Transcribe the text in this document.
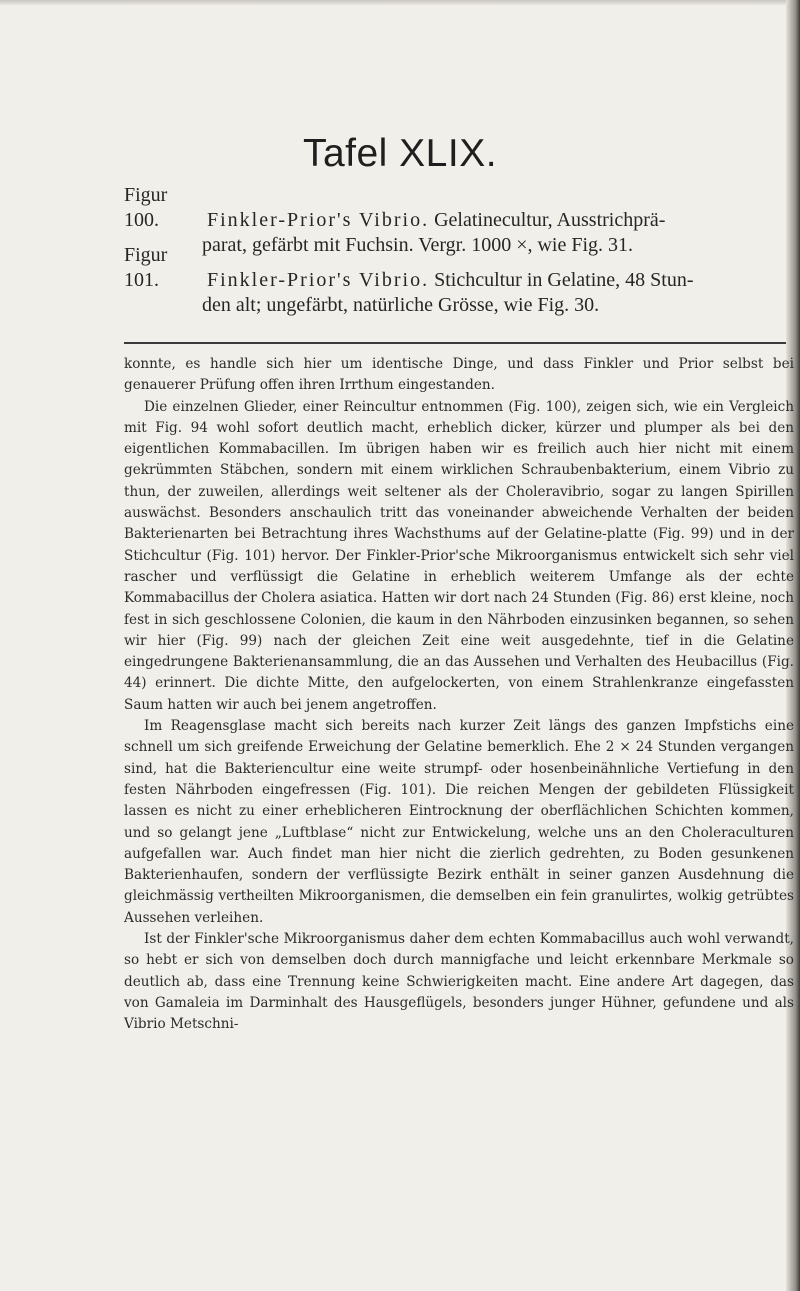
Tafel XLIX.
Figur 100. Finkler-Prior's Vibrio. Gelatinecultur, Ausstrichprä-
parat, gefärbt mit Fuchsin. Vergr. 1000 ×, wie Fig. 31.
Figur 101. Finkler-Prior's Vibrio. Stichcultur in Gelatine, 48 Stun-
den alt; ungefärbt, natürliche Grösse, wie Fig. 30.

konnte, es handle sich hier um identische Dinge, und dass Finkler und Prior selbst bei genauerer Prüfung offen ihren Irrthum eingestanden.

Die einzelnen Glieder, einer Reincultur entnommen (Fig. 100), zeigen sich, wie ein Vergleich mit Fig. 94 wohl sofort deutlich macht, erheblich dicker, kürzer und plumper als bei den eigentlichen Kommabacillen. Im übrigen haben wir es freilich auch hier nicht mit einem gekrümmten Stäbchen, sondern mit einem wirklichen Schraubenbakterium, einem Vibrio zu thun, der zuweilen, allerdings weit seltener als der Choleravibrio, sogar zu langen Spirillen auswächst. Besonders anschaulich tritt das voneinander abweichende Verhalten der beiden Bakterienarten bei Betrachtung ihres Wachsthums auf der Gelatine-platte (Fig. 99) und in der Stichcultur (Fig. 101) hervor. Der Finkler-Prior'sche Mikroorganismus entwickelt sich sehr viel rascher und verflüssigt die Gelatine in erheblich weiterem Umfange als der echte Kommabacillus der Cholera asiatica. Hatten wir dort nach 24 Stunden (Fig. 86) erst kleine, noch fest in sich geschlossene Colonien, die kaum in den Nährboden einzusinken begannen, so sehen wir hier (Fig. 99) nach der gleichen Zeit eine weit ausgedehnte, tief in die Gelatine eingedrungene Bakterienansammlung, die an das Aussehen und Verhalten des Heubacillus (Fig. 44) erinnert. Die dichte Mitte, den aufgelockerten, von einem Strahlenkranze eingefassten Saum hatten wir auch bei jenem angetroffen.

Im Reagensglase macht sich bereits nach kurzer Zeit längs des ganzen Impfstichs eine schnell um sich greifende Erweichung der Gelatine bemerklich. Ehe 2 × 24 Stunden vergangen sind, hat die Bakteriencultur eine weite strumpf- oder hosenbeinähnliche Vertiefung in den festen Nährboden eingefressen (Fig. 101). Die reichen Mengen der gebildeten Flüssigkeit lassen es nicht zu einer erheblicheren Eintrocknung der oberflächlichen Schichten kommen, und so gelangt jene „Luftblase“ nicht zur Entwickelung, welche uns an den Choleraculturen aufgefallen war. Auch findet man hier nicht die zierlich gedrehten, zu Boden gesunkenen Bakterienhaufen, sondern der verflüssigte Bezirk enthält in seiner ganzen Ausdehnung die gleichmässig vertheilten Mikroorganismen, die demselben ein fein granulirtes, wolkig getrübtes Aussehen verleihen.

Ist der Finkler'sche Mikroorganismus daher dem echten Kommabacillus auch wohl verwandt, so hebt er sich von demselben doch durch mannigfache und leicht erkennbare Merkmale so deutlich ab, dass eine Trennung keine Schwierigkeiten macht. Eine andere Art dagegen, das von Gamaleia im Darminhalt des Hausgeflügels, besonders junger Hühner, gefundene und als Vibrio Metschni-
